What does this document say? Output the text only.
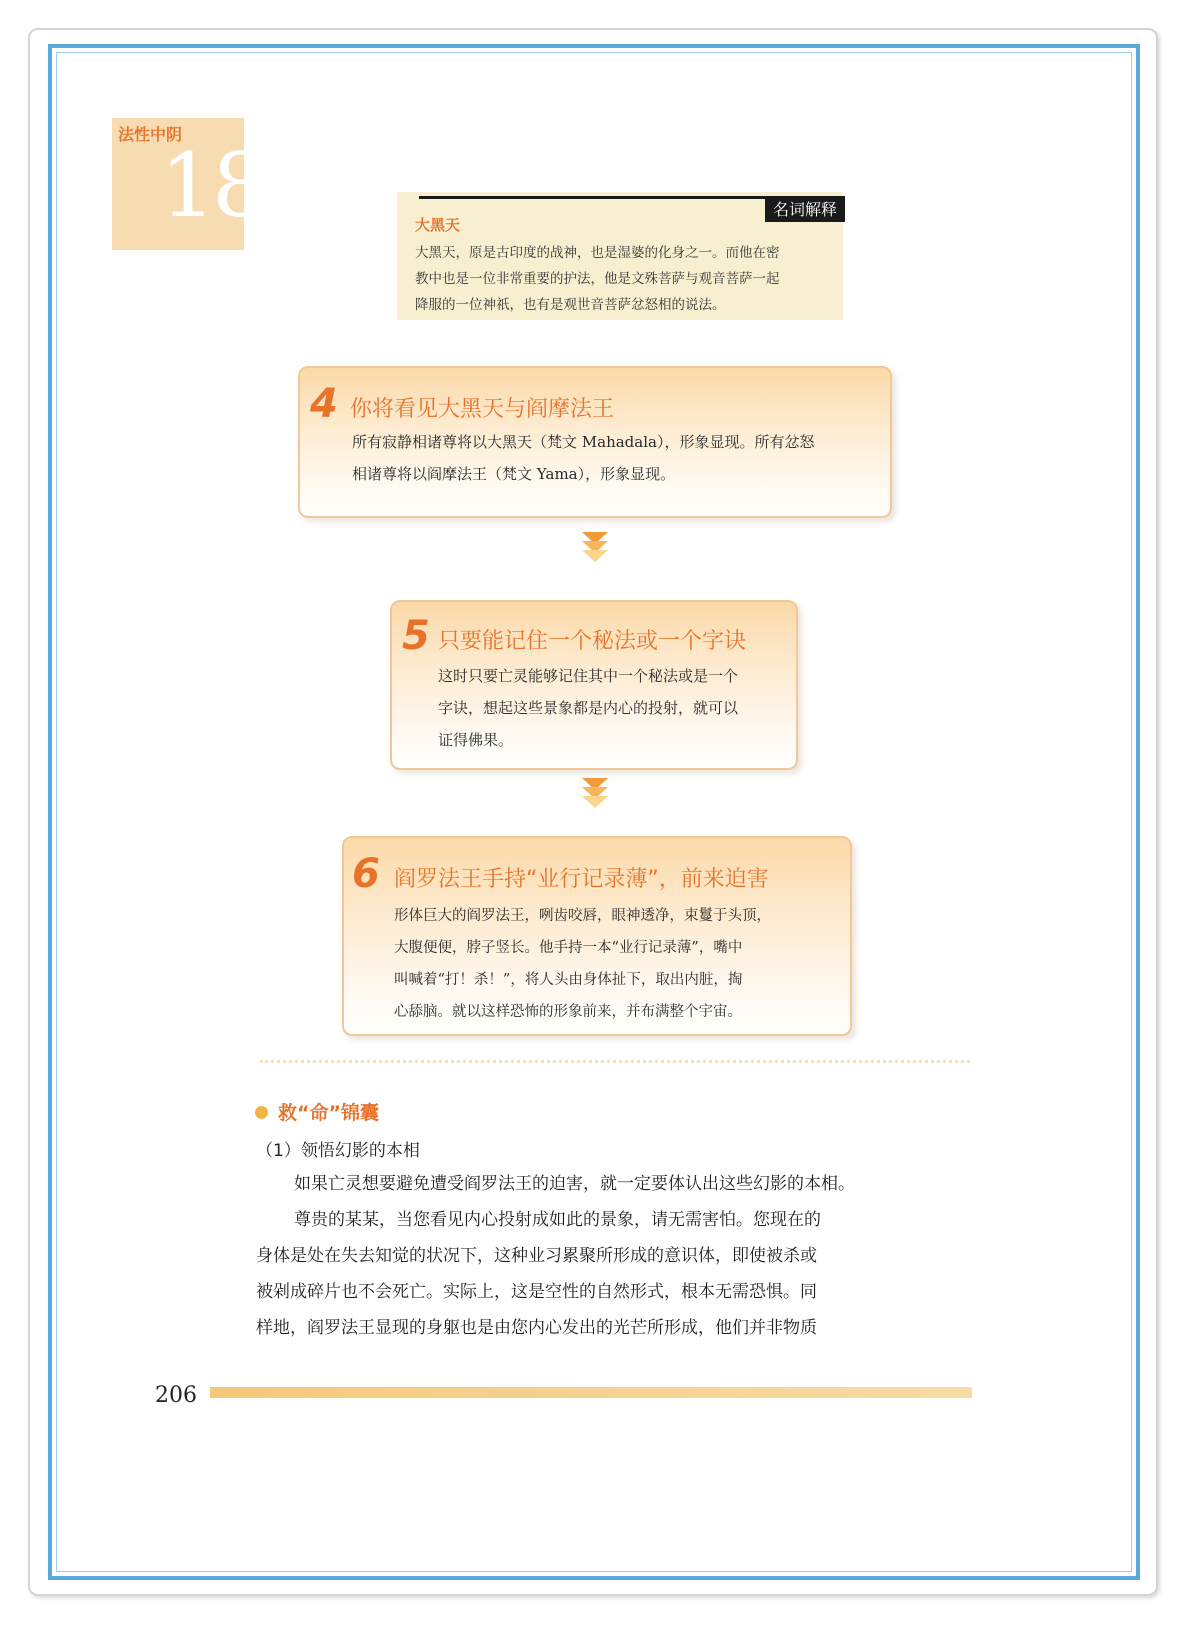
法性中阴
18	名词解释
大黑天
大黑天，原是古印度的战神，也是湿婆的化身之一。而他在密
教中也是一位非常重要的护法，他是文殊菩萨与观音菩萨一起
降服的一位神祇，也有是观世音菩萨忿怒相的说法。
4 你将看见大黑天与阎摩法王
所有寂静相诸尊将以大黑天（梵文 Mahadala），形象显现。所有忿怒
相诸尊将以阎摩法王（梵文 Yama），形象显现。
5 只要能记住一个秘法或一个字诀
这时只要亡灵能够记住其中一个秘法或是一个
字诀，想起这些景象都是内心的投射，就可以
证得佛果。
6 阎罗法王手持“业行记录薄”，前来迫害
形体巨大的阎罗法王，咧齿咬唇，眼神透净，束鬘于头顶，
大腹便便，脖子竖长。他手持一本“业行记录薄”，嘴中
叫喊着“打！杀！”，将人头由身体扯下，取出内脏，掏
心舔脑。就以这样恐怖的形象前来，并布满整个宇宙。
救“命”锦囊
（1）领悟幻影的本相
如果亡灵想要避免遭受阎罗法王的迫害，就一定要体认出这些幻影的本相。
尊贵的某某，当您看见内心投射成如此的景象，请无需害怕。您现在的
身体是处在失去知觉的状况下，这种业习累聚所形成的意识体，即使被杀或
被剁成碎片也不会死亡。实际上，这是空性的自然形式，根本无需恐惧。同
样地，阎罗法王显现的身躯也是由您内心发出的光芒所形成，他们并非物质
206
